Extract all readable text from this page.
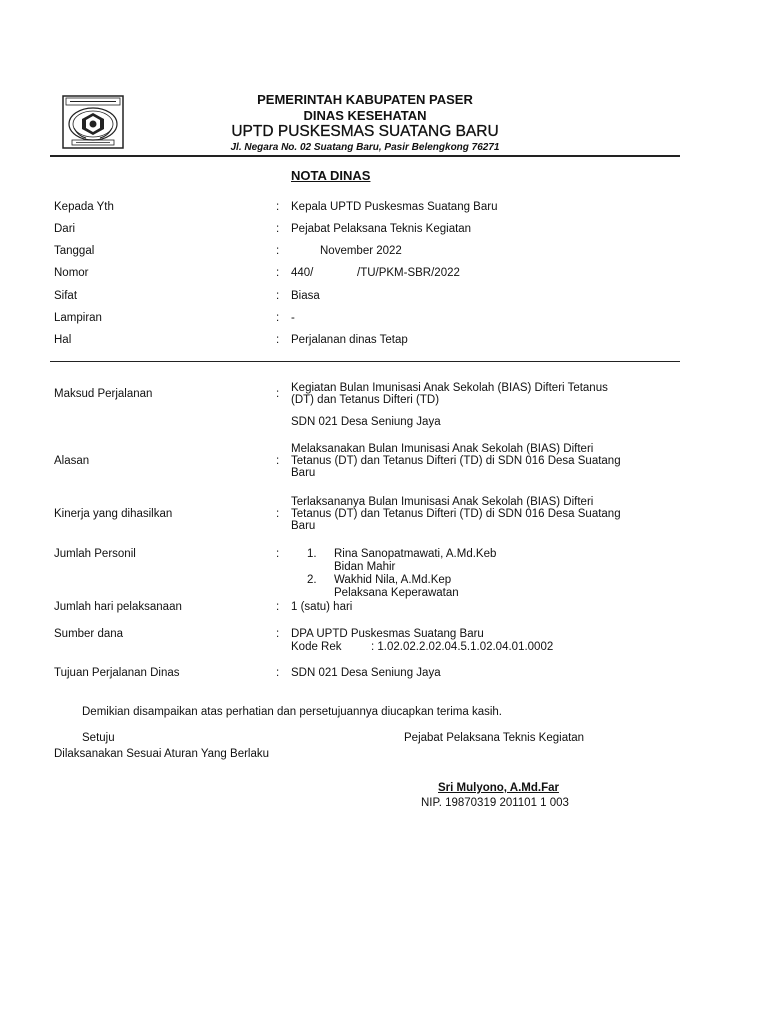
PEMERINTAH KABUPATEN PASER
DINAS KESEHATAN
UPTD PUSKESMAS SUATANG BARU
Jl. Negara No. 02 Suatang Baru, Pasir Belengkong 76271
NOTA DINAS
Kepada Yth	: Kepala UPTD Puskesmas Suatang Baru
Dari	: Pejabat Pelaksana Teknis Kegiatan
Tanggal	:	November 2022
Nomor	: 440/	/TU/PKM-SBR/2022
Sifat	: Biasa
Lampiran	: -
Hal	: Perjalanan dinas Tetap
Maksud Perjalanan	: Kegiatan Bulan Imunisasi Anak Sekolah (BIAS) Difteri Tetanus
(DT) dan Tetanus Difteri (TD)
SDN 021 Desa Seniung Jaya
Alasan	:
Melaksanakan Bulan Imunisasi Anak Sekolah (BIAS) Difteri
Tetanus (DT) dan Tetanus Difteri (TD) di SDN 016 Desa Suatang
Baru
Kinerja yang dihasilkan	:
Terlaksananya Bulan Imunisasi Anak Sekolah (BIAS) Difteri
Tetanus (DT) dan Tetanus Difteri (TD) di SDN 016 Desa Suatang
Baru
Jumlah Personil	: 1. Rina Sanopatmawati, A.Md.Keb
Bidan Mahir
2. Wakhid Nila, A.Md.Kep
Pelaksana Keperawatan
Jumlah hari pelaksanaan	: 1 (satu) hari
Sumber dana	: DPA UPTD Puskesmas Suatang Baru
Kode Rek	: 1.02.02.2.02.04.5.1.02.04.01.0002
Tujuan Perjalanan Dinas	: SDN 021 Desa Seniung Jaya
Demikian disampaikan atas perhatian dan persetujuannya diucapkan terima kasih.
Setuju
Dilaksanakan Sesuai Aturan Yang Berlaku
Pejabat Pelaksana Teknis Kegiatan
Sri Mulyono, A.Md.Far
NIP. 19870319 201101 1 003
